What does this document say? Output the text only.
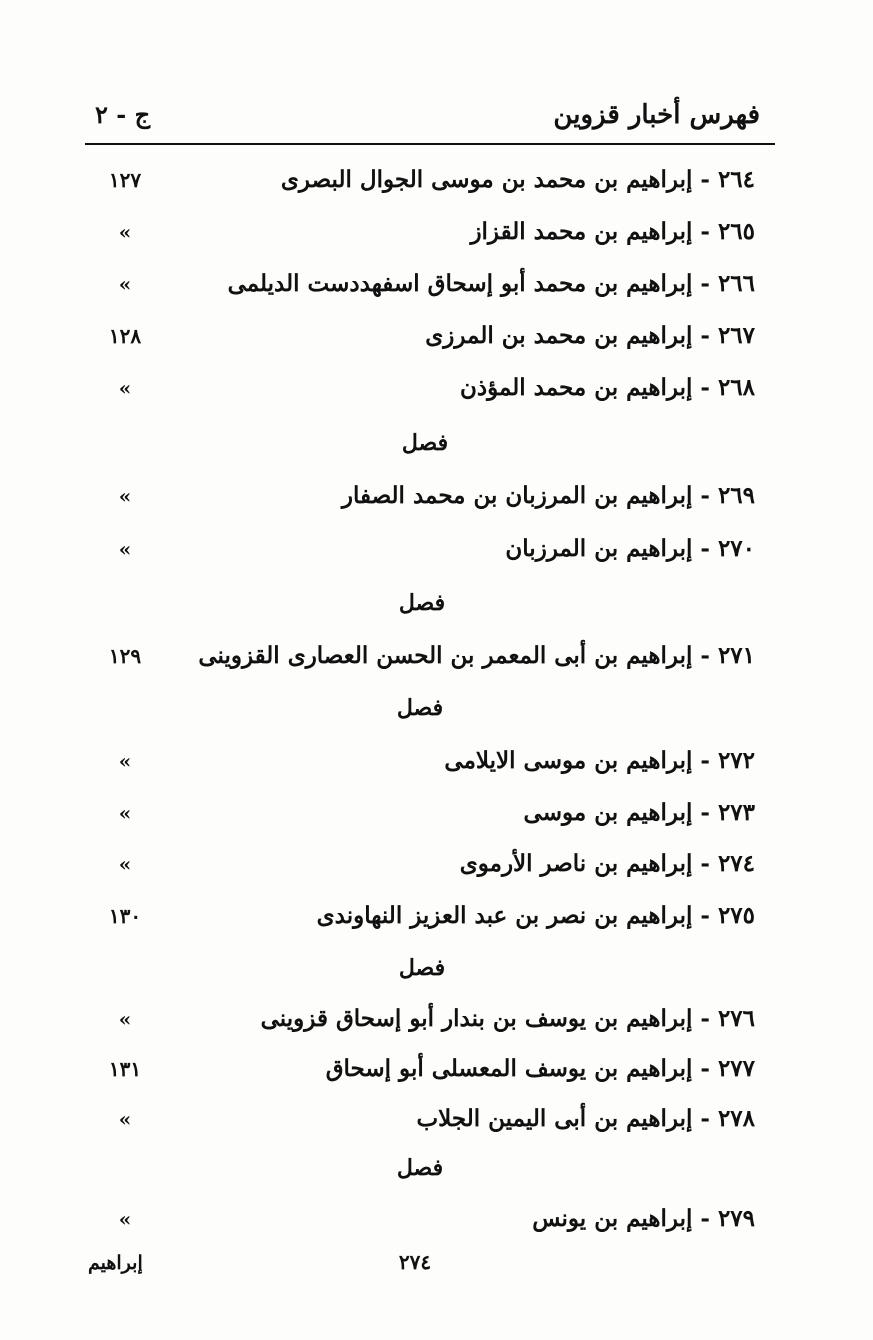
فهرس أخبار قزوين
ج - ٢
٢٦٤ - إبراهيم بن محمد بن موسى الجوال البصرى
١٢٧
٢٦٥ - إبراهيم بن محمد القزاز
»
٢٦٦ - إبراهيم بن محمد أبو إسحاق اسفهددست الديلمى
»
٢٦٧ - إبراهيم بن محمد بن المرزى
١٢٨
٢٦٨ - إبراهيم بن محمد المؤذن
»
فصل
٢٦٩ - إبراهيم بن المرزبان بن محمد الصفار
»
٢٧٠ - إبراهيم بن المرزبان
»
فصل
٢٧١ - إبراهيم بن أبى المعمر بن الحسن العصارى القزوينى
١٢٩
فصل
٢٧٢ - إبراهيم بن موسى الايلامى
»
٢٧٣ - إبراهيم بن موسى
»
٢٧٤ - إبراهيم بن ناصر الأرموى
»
٢٧٥ - إبراهيم بن نصر بن عبد العزيز النهاوندى
١٣٠
فصل
٢٧٦ - إبراهيم بن يوسف بن بندار أبو إسحاق قزوينى
»
٢٧٧ - إبراهيم بن يوسف المعسلى أبو إسحاق
١٣١
٢٧٨ - إبراهيم بن أبى اليمين الجلاب
»
فصل
٢٧٩ - إبراهيم بن يونس
»
٢٧٤
إبراهيم
